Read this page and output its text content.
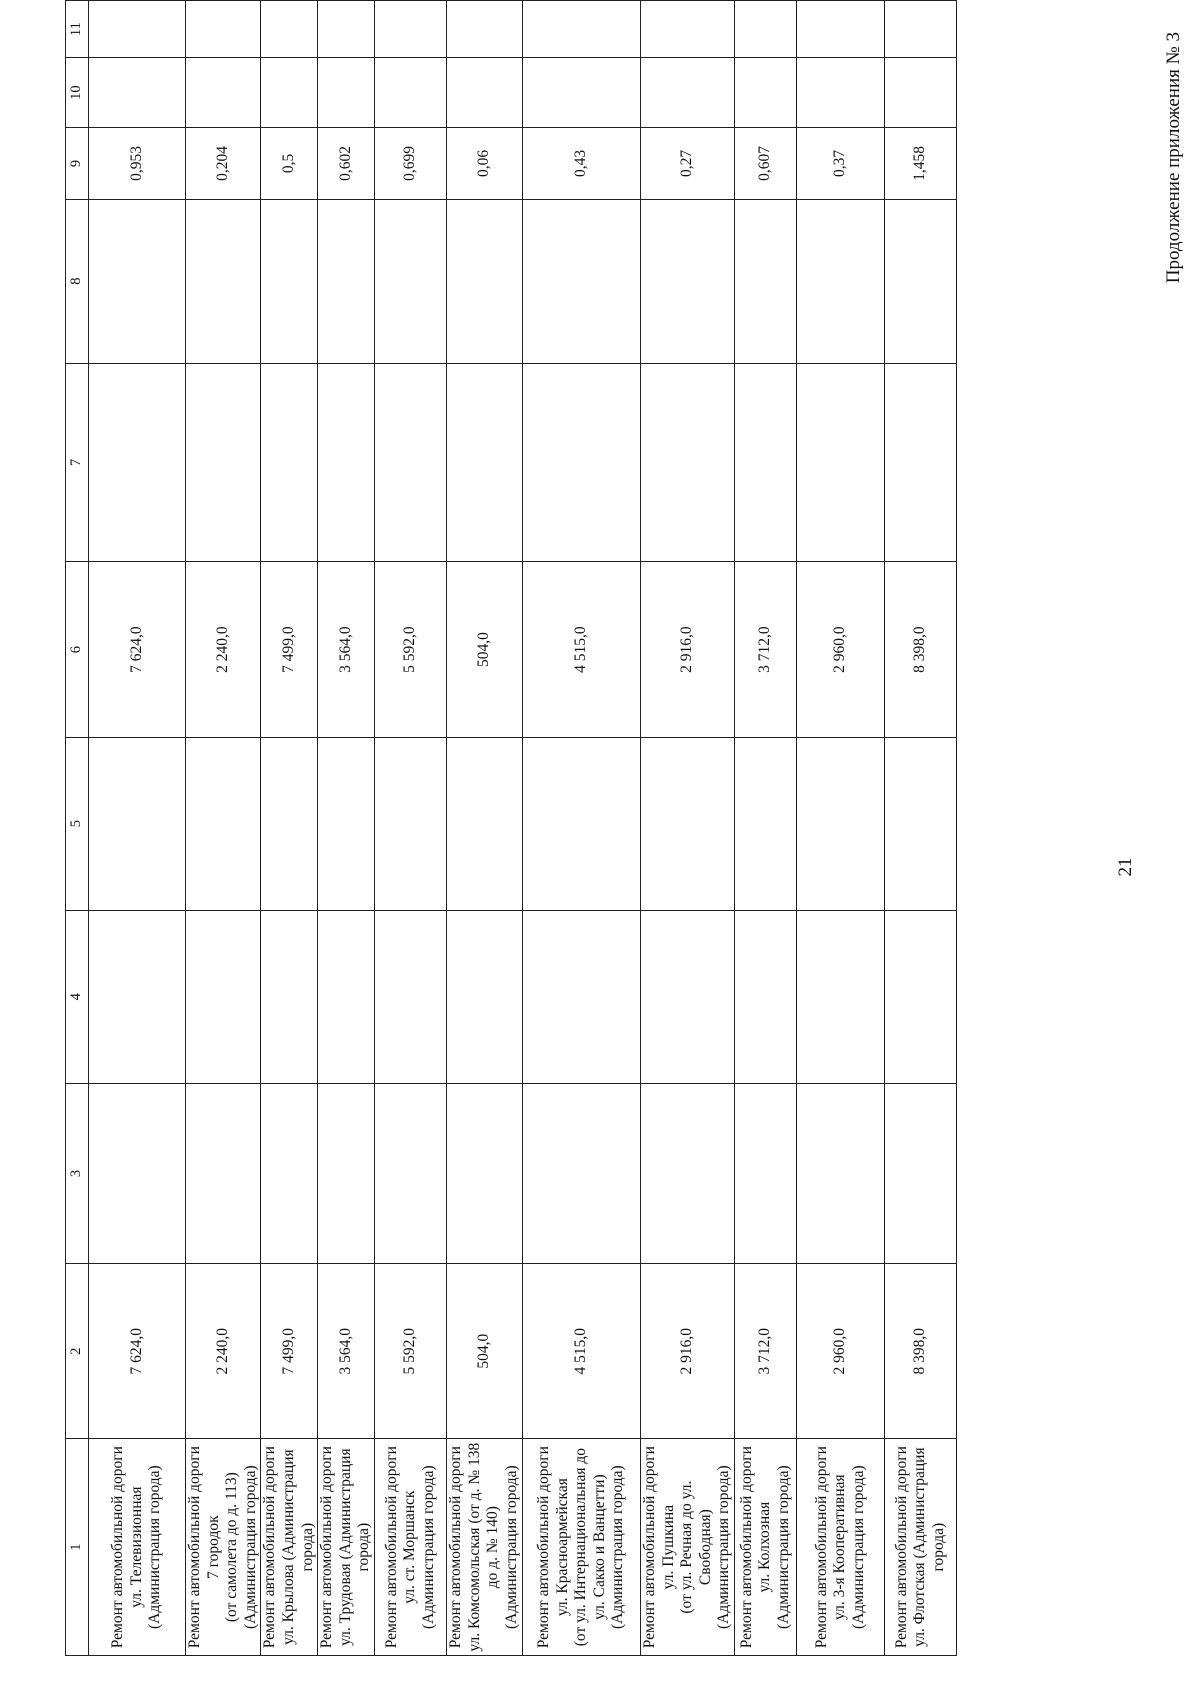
21
Продолжение приложения № 3
1	2	3	4	5	6	7	8	9	10	11

Ремонт автомобильной дороги ул. Телевизионная (Администрация города)	7 624,0				7 624,0			0,953		

Ремонт автомобильной дороги 7 городок (от самолета до д. 113) (Администрация города)	2 240,0				2 240,0			0,204		

Ремонт автомобильной дороги ул. Крылова (Администрация города)	7 499,0				7 499,0			0,5		

Ремонт автомобильной дороги ул. Трудовая (Администрация города)	3 564,0				3 564,0			0,602		

Ремонт автомобильной дороги ул. ст. Моршанск (Администрация города)	5 592,0				5 592,0			0,699		

Ремонт автомобильной дороги ул. Комсомольская (от д. № 138 до д. № 140) (Администрация города)	504,0				504,0			0,06		

Ремонт автомобильной дороги ул. Красноармейская (от ул. Интернациональная до ул. Сакко и Ванцетти) (Администрация города)	4 515,0				4 515,0			0,43		

Ремонт автомобильной дороги ул. Пушкина (от ул. Речная до ул. Свободная) (Администрация города)	2 916,0				2 916,0			0,27		

Ремонт автомобильной дороги ул. Колхозная (Администрация города)	3 712,0				3 712,0			0,607		

Ремонт автомобильной дороги ул. 3-я Кооперативная (Администрация города)	2 960,0				2 960,0			0,37		

Ремонт автомобильной дороги ул. Флотская (Администрация города)	8 398,0				8 398,0			1,458		
